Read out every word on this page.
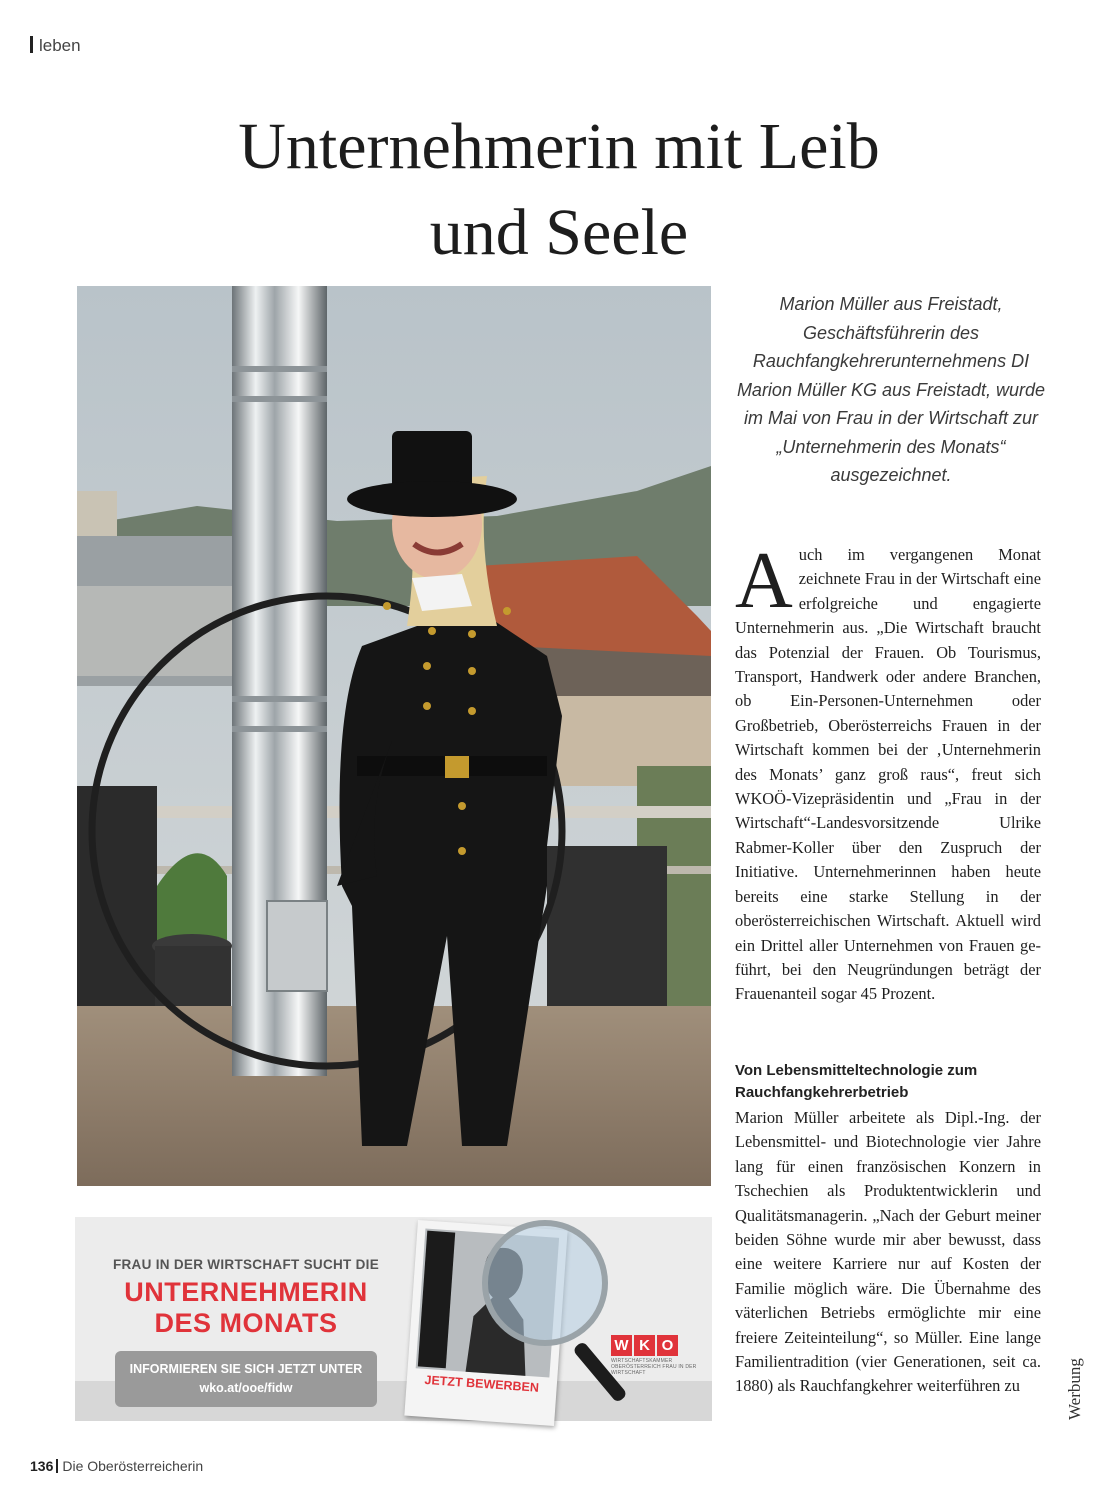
leben
Unternehmerin mit Leib
und Seele
Marion Müller aus Freistadt, Geschäftsführerin des Rauchfangkehrerunternehmens DI Marion Müller KG aus Freistadt, wurde im Mai von Frau in der Wirtschaft zur „Unternehmerin des Monats“ ausgezeichnet.
Auch im vergangenen Monat zeichnete Frau in der Wirtschaft eine erfolgreiche und engagierte Unternehmerin aus. „Die Wirtschaft braucht das Potenzial der Frauen. Ob Tourismus, Transport, Handwerk oder andere Branchen, ob Ein-Personen-Unternehmen oder Großbetrieb, Oberösterreichs Frauen in der Wirtschaft kommen bei der ‚Unternehmerin des Monats’ ganz groß raus“, freut sich WKOÖ-Vizepräsidentin und „Frau in der Wirtschaft“-Landesvorsitzende Ulrike Rabmer-Koller über den Zuspruch der Initiative. Unternehmerinnen haben heute bereits eine starke Stellung in der oberösterreichischen Wirtschaft. Aktuell wird ein Drittel aller Unternehmen von Frauen geführt, bei den Neugründungen beträgt der Frauenanteil sogar 45 Prozent.
Von Lebensmitteltechnologie zum Rauchfangkehrerbetrieb
Marion Müller arbeitete als Dipl.-Ing. der Lebensmittel- und Biotechnologie vier Jahre lang für einen französischen Konzern in Tschechien als Produktentwicklerin und Qualitätsmanagerin. „Nach der Geburt meiner beiden Söhne wurde mir aber bewusst, dass eine weitere Karriere nur auf Kosten der Familie möglich wäre. Die Übernahme des väterlichen Betriebs ermöglichte mir eine freiere Zeiteinteilung“, so Müller. Eine lange Familientradition (vier Generationen, seit ca. 1880) als Rauchfangkehrer weiterführen zu	Werbung
FRAU IN DER WIRTSCHAFT SUCHT DIE
UNTERNEHMERIN
DES MONATS
INFORMIEREN SIE SICH JETZT UNTER
wko.at/ooe/fidw	JETZT BEWERBEN
W K O
WIRTSCHAFTSKAMMER OBERÖSTERREICH FRAU IN DER WIRTSCHAFT
136 Die Oberösterreicherin
